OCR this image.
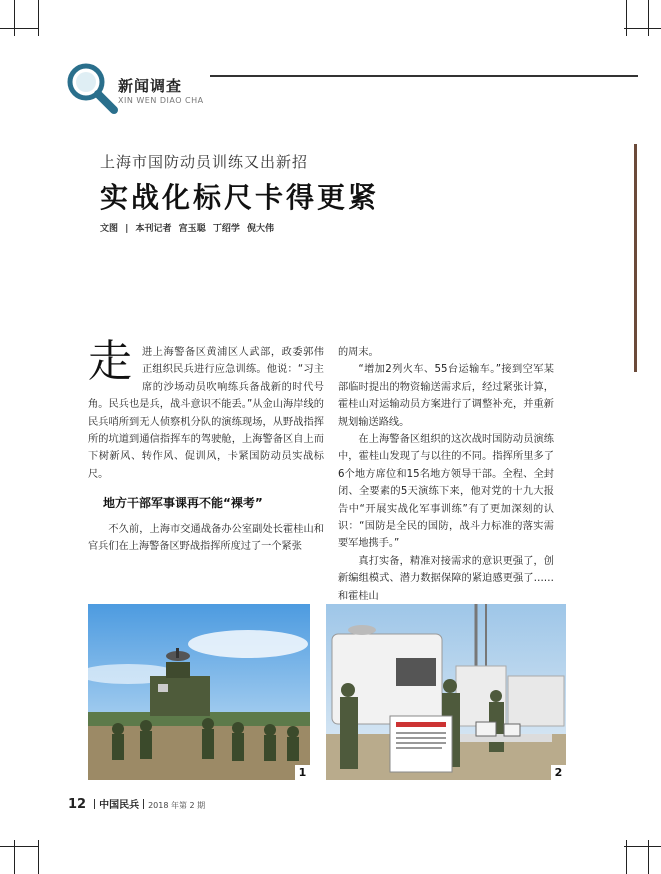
新闻调查
XIN WEN DIAO CHA
上海市国防动员训练又出新招
实战化标尺卡得更紧
文图 | 本刊记者 宫玉聪 丁绍学 倪大伟
走 进上海警备区黄浦区人武部，政委郭伟正组织民兵进行应急训练。他说：“习主席的沙场动员吹响练兵备战新的时代号角。民兵也是兵，战斗意识不能丢。”从金山海岸线的民兵哨所到无人侦察机分队的演练现场，从野战指挥所的坑道到通信指挥车的驾驶舱，上海警备区自上而下树新风、转作风、促训风，卡紧国防动员实战标尺。
地方干部军事课再不能“裸考”
不久前，上海市交通战备办公室副处长霍桂山和官兵们在上海警备区野战指挥所度过了一个紧张

的周末。

“增加2列火车、55台运输车。”接到空军某部临时提出的物资输送需求后，经过紧张计算，霍桂山对运输动员方案进行了调整补充，并重新规划输送路线。

在上海警备区组织的这次战时国防动员演练中，霍桂山发现了与以往的不同。指挥所里多了6个地方席位和15名地方领导干部。全程、全封闭、全要素的5天演练下来，他对党的十九大报告中“开展实战化军事训练”有了更加深刻的认识：“国防是全民的国防，战斗力标准的落实需要军地携手。”

真打实备，精准对接需求的意识更强了，创新编组模式、潜力数据保障的紧迫感更强了……和霍桂山

1	2
12 中国民兵 2018 年第 2 期
